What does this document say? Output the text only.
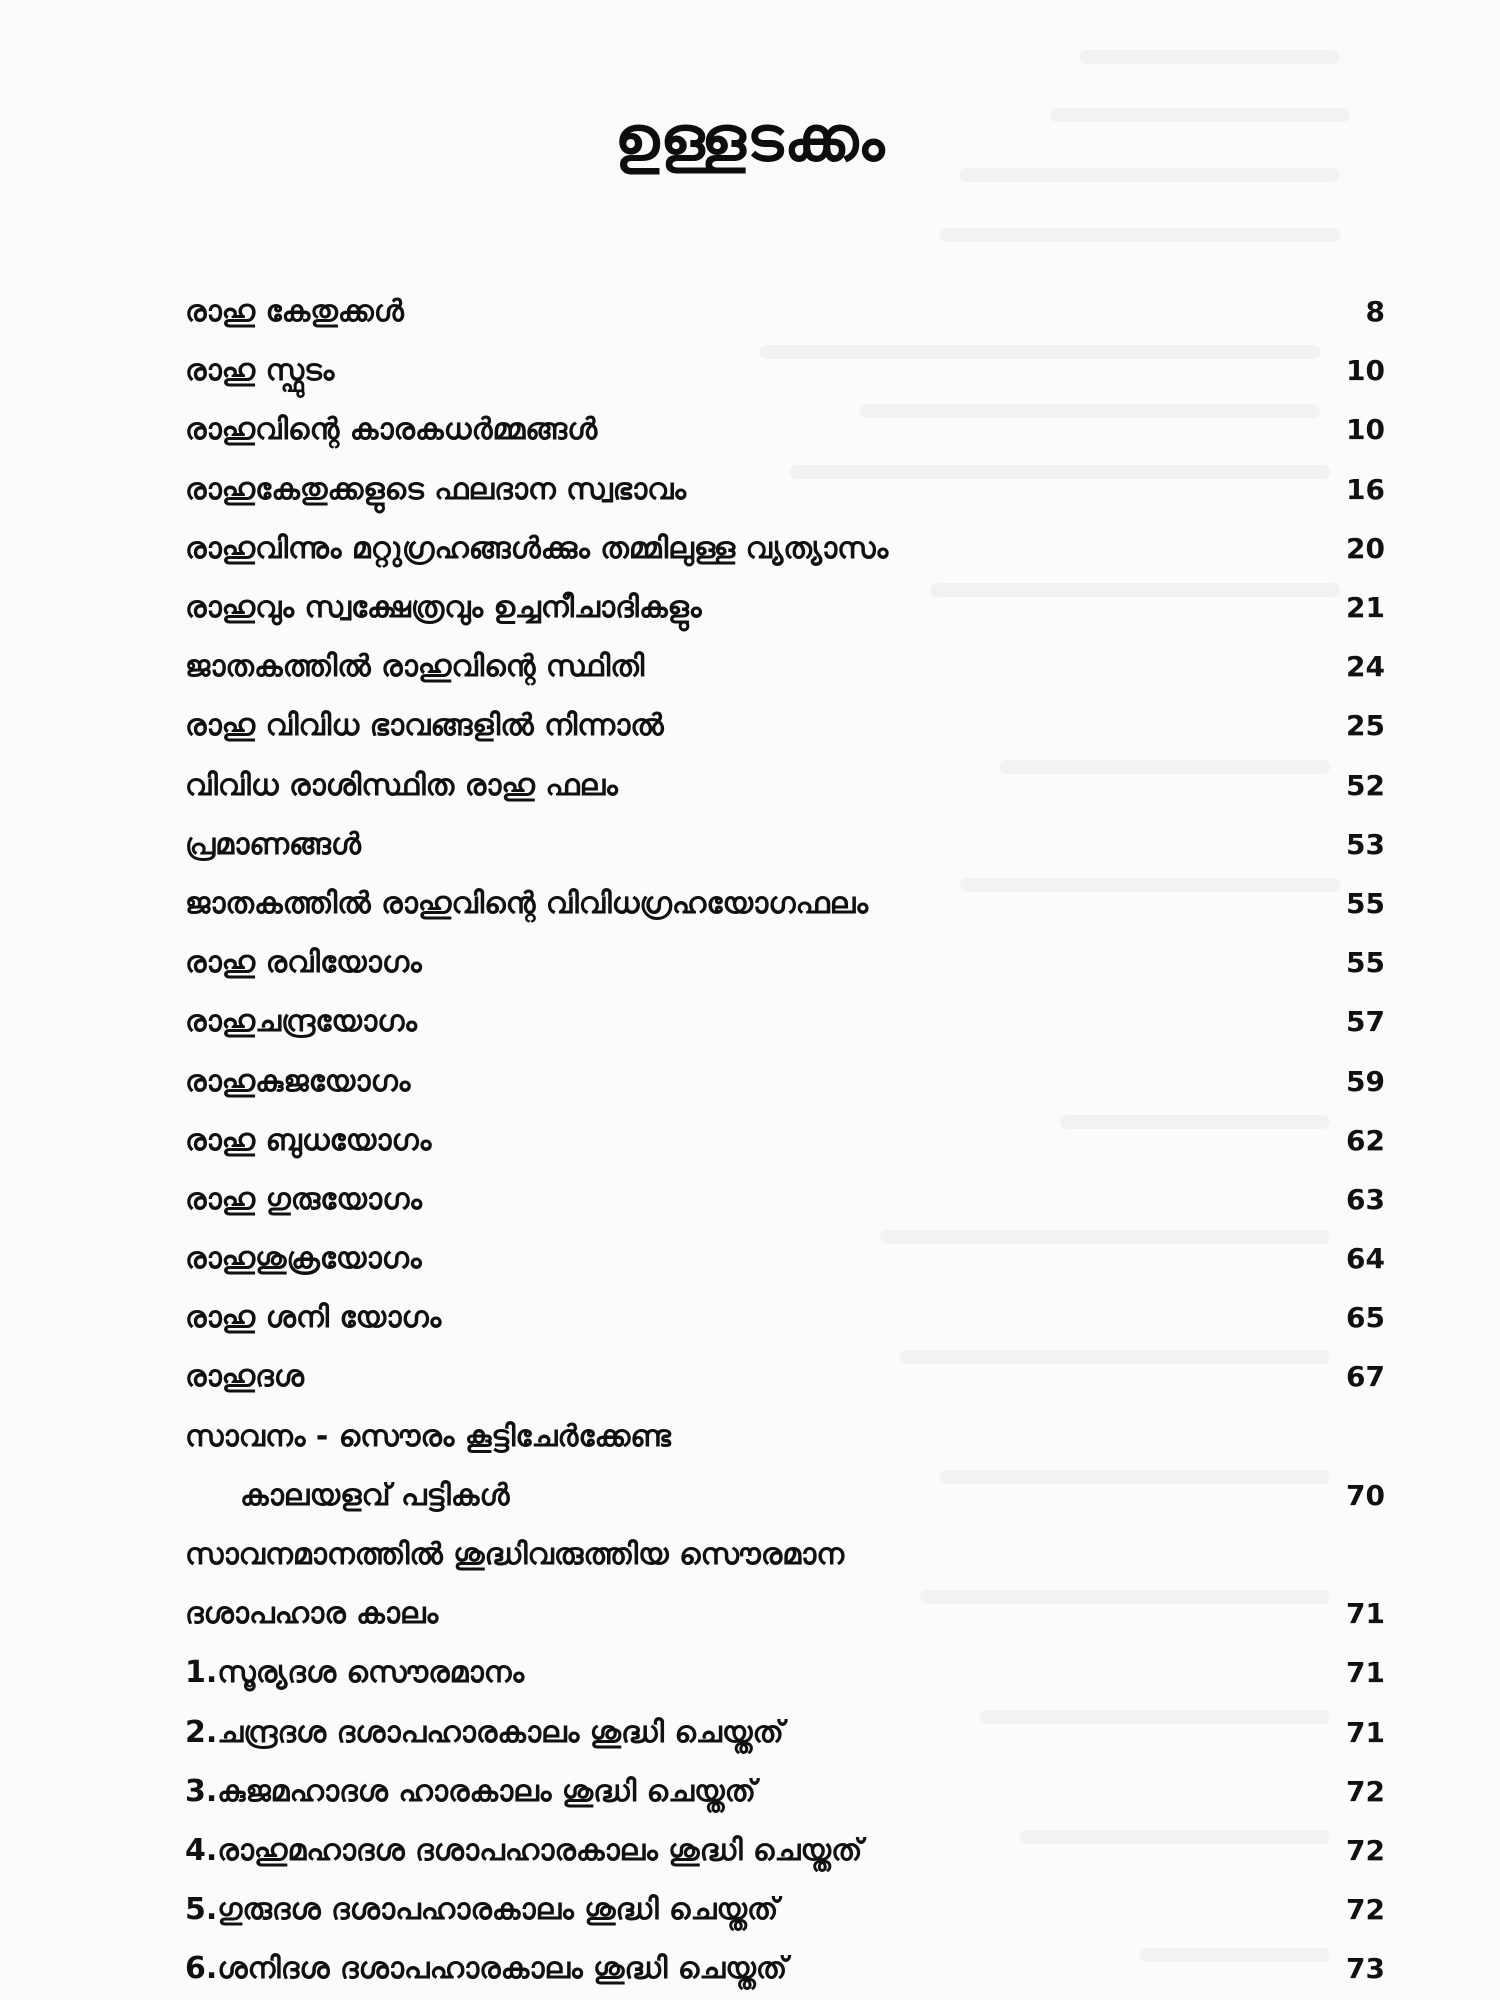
ഉള്ളടക്കം
രാഹു കേതുക്കൾ	8
രാഹു സ്ഫുടം	10
രാഹുവിന്റെ കാരകധർമ്മങ്ങൾ	10
രാഹുകേതുക്കളുടെ ഫലദാന സ്വഭാവം	16
രാഹുവിന്നും മറ്റുഗ്രഹങ്ങൾക്കും തമ്മിലുള്ള വ്യത്യാസം	20
രാഹുവും സ്വക്ഷേത്രവും ഉച്ചനീചാദികളും	21
ജാതകത്തിൽ രാഹുവിന്റെ സ്ഥിതി	24
രാഹു വിവിധ ഭാവങ്ങളിൽ നിന്നാൽ	25
വിവിധ രാശിസ്ഥിത രാഹു ഫലം	52
പ്രമാണങ്ങൾ	53
ജാതകത്തിൽ രാഹുവിന്റെ വിവിധഗ്രഹയോഗഫലം	55
രാഹു രവിയോഗം	55
രാഹുചന്ദ്രയോഗം	57
രാഹുകുജയോഗം	59
രാഹു ബുധയോഗം	62
രാഹു ഗുരുയോഗം	63
രാഹുശുക്രയോഗം	64
രാഹു ശനി യോഗം	65
രാഹുദശ	67
സാവനം - സൌരം കൂട്ടിചേർക്കേണ്ട
കാലയളവ് പട്ടികൾ	70
സാവനമാനത്തിൽ ശുദ്ധിവരുത്തിയ സൌരമാന
ദശാപഹാര കാലം	71
1.സൂര്യദശ സൌരമാനം	71
2.ചന്ദ്രദശ ദശാപഹാരകാലം ശുദ്ധി ചെയ്തത്	71
3.കുജമഹാദശ ഹാരകാലം ശുദ്ധി ചെയ്തത്	72
4.രാഹുമഹാദശ ദശാപഹാരകാലം ശുദ്ധി ചെയ്തത്	72
5.ഗുരുദശ ദശാപഹാരകാലം ശുദ്ധി ചെയ്തത്	72
6.ശനിദശ ദശാപഹാരകാലം ശുദ്ധി ചെയ്തത്	73
